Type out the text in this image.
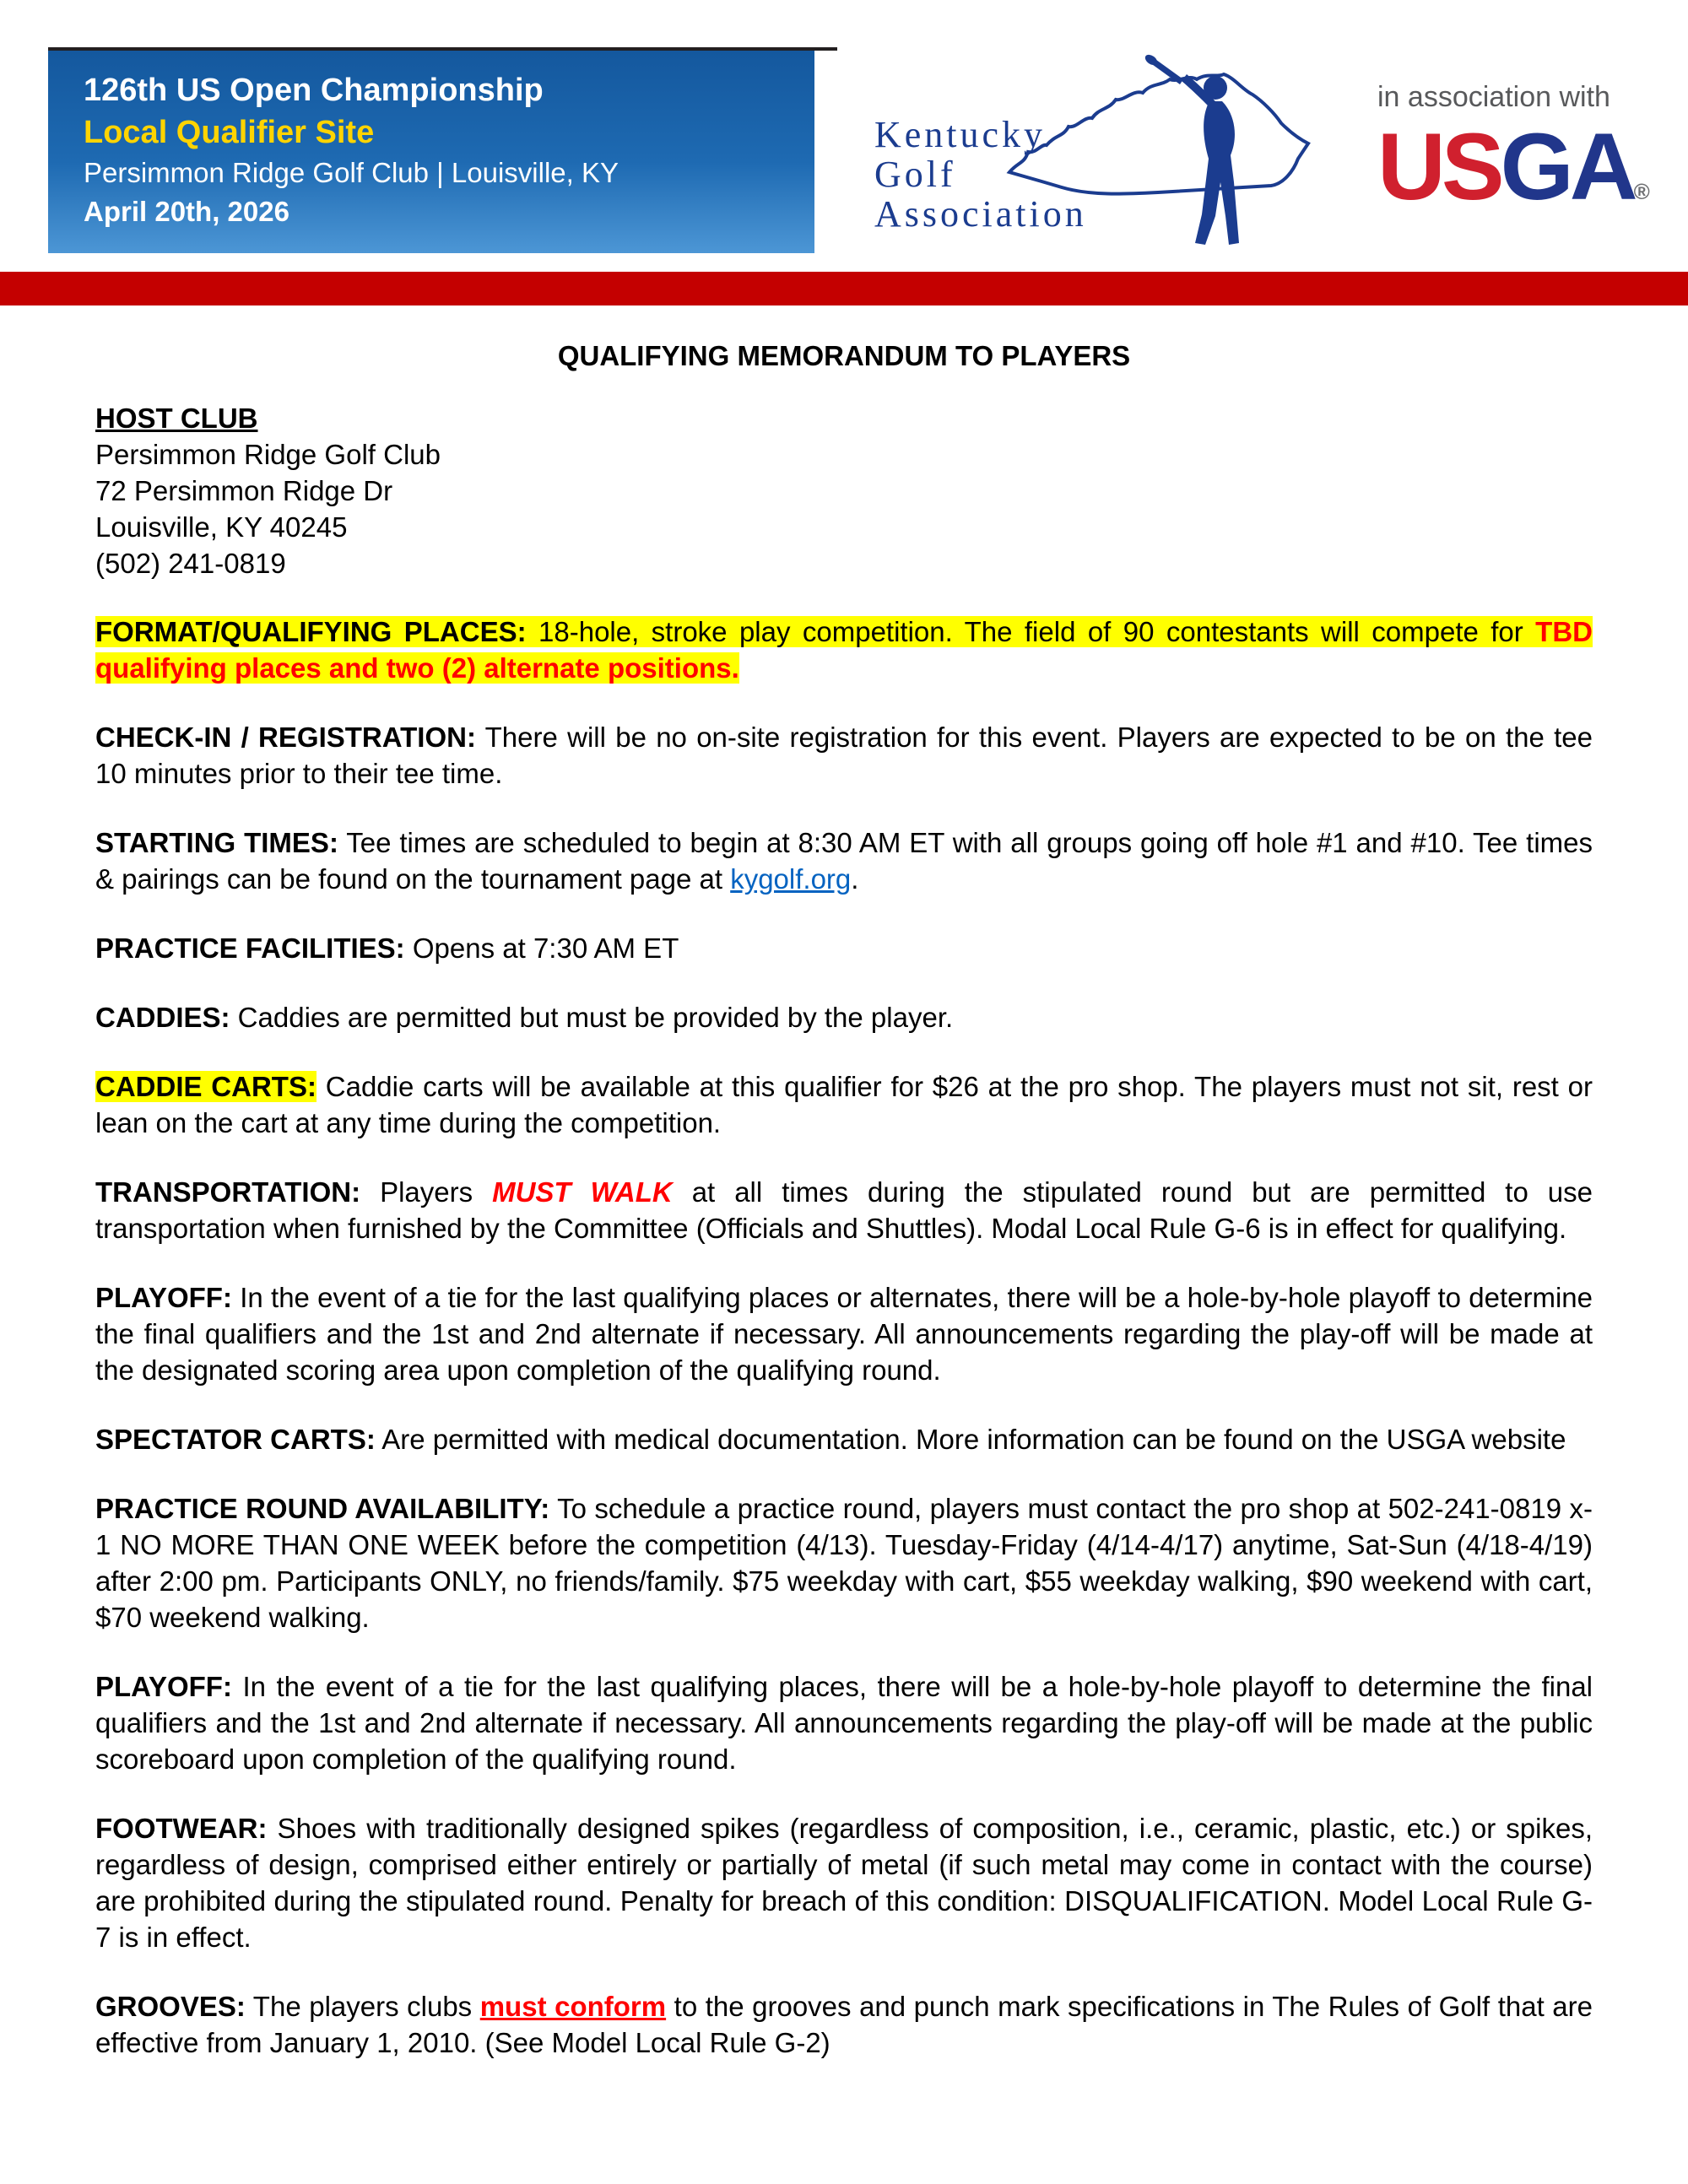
126th US Open Championship
Local Qualifier Site
Persimmon Ridge Golf Club | Louisville, KY
April 20th, 2026
Kentucky
Golf
Association
in association with
USGA®
QUALIFYING MEMORANDUM TO PLAYERS
HOST CLUB
Persimmon Ridge Golf Club
72 Persimmon Ridge Dr
Louisville, KY 40245
(502) 241-0819

FORMAT/QUALIFYING PLACES: 18-hole, stroke play competition. The field of 90 contestants will compete for TBD qualifying places and two (2) alternate positions.

CHECK-IN / REGISTRATION: There will be no on-site registration for this event. Players are expected to be on the tee 10 minutes prior to their tee time.

STARTING TIMES: Tee times are scheduled to begin at 8:30 AM ET with all groups going off hole #1 and #10. Tee times & pairings can be found on the tournament page at kygolf.org.

PRACTICE FACILITIES: Opens at 7:30 AM ET

CADDIES: Caddies are permitted but must be provided by the player.

CADDIE CARTS: Caddie carts will be available at this qualifier for $26 at the pro shop. The players must not sit, rest or lean on the cart at any time during the competition.

TRANSPORTATION: Players MUST WALK at all times during the stipulated round but are permitted to use transportation when furnished by the Committee (Officials and Shuttles). Modal Local Rule G-6 is in effect for qualifying.

PLAYOFF: In the event of a tie for the last qualifying places or alternates, there will be a hole-by-hole playoff to determine the final qualifiers and the 1st and 2nd alternate if necessary. All announcements regarding the play-off will be made at the designated scoring area upon completion of the qualifying round.

SPECTATOR CARTS: Are permitted with medical documentation. More information can be found on the USGA website

PRACTICE ROUND AVAILABILITY: To schedule a practice round, players must contact the pro shop at 502-241-0819 x-1 NO MORE THAN ONE WEEK before the competition (4/13). Tuesday-Friday (4/14-4/17) anytime, Sat-Sun (4/18-4/19) after 2:00 pm. Participants ONLY, no friends/family. $75 weekday with cart, $55 weekday walking, $90 weekend with cart, $70 weekend walking.

PLAYOFF: In the event of a tie for the last qualifying places, there will be a hole-by-hole playoff to determine the final qualifiers and the 1st and 2nd alternate if necessary. All announcements regarding the play-off will be made at the public scoreboard upon completion of the qualifying round.

FOOTWEAR: Shoes with traditionally designed spikes (regardless of composition, i.e., ceramic, plastic, etc.) or spikes, regardless of design, comprised either entirely or partially of metal (if such metal may come in contact with the course) are prohibited during the stipulated round. Penalty for breach of this condition: DISQUALIFICATION. Model Local Rule G-7 is in effect.

GROOVES: The players clubs must conform to the grooves and punch mark specifications in The Rules of Golf that are effective from January 1, 2010. (See Model Local Rule G-2)
